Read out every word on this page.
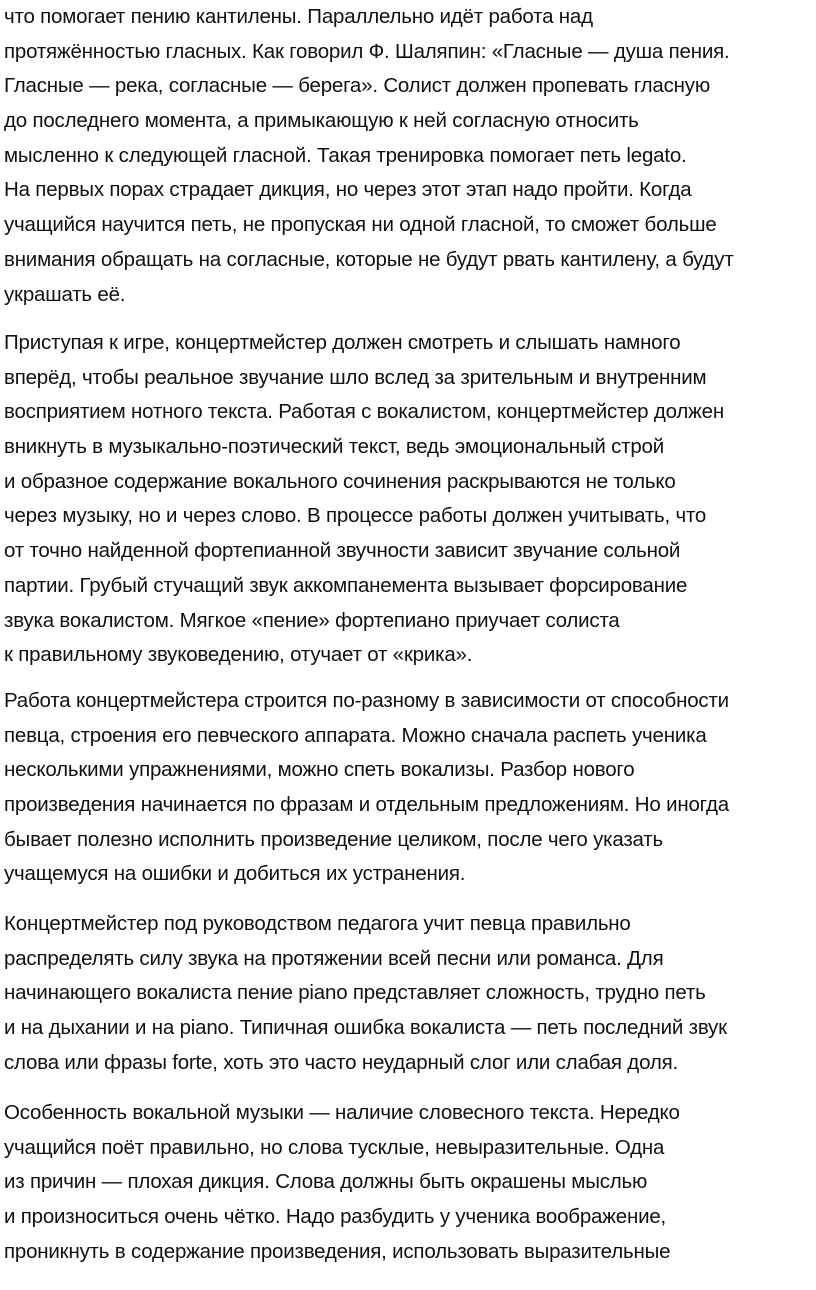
что помогает пению кантилены. Параллельно идёт работа над
протяжённостью гласных. Как говорил Ф. Шаляпин: «Гласные — душа пения.
Гласные — река, согласные — берега». Солист должен пропевать гласную
до последнего момента, а примыкающую к ней согласную относить
мысленно к следующей гласной. Такая тренировка помогает петь legato.
На первых порах страдает дикция, но через этот этап надо пройти. Когда
учащийся научится петь, не пропуская ни одной гласной, то сможет больше
внимания обращать на согласные, которые не будут рвать кантилену, а будут
украшать её.
Приступая к игре, концертмейстер должен смотреть и слышать намного
вперёд, чтобы реальное звучание шло вслед за зрительным и внутренним
восприятием нотного текста. Работая с вокалистом, концертмейстер должен
вникнуть в музыкально-поэтический текст, ведь эмоциональный строй
и образное содержание вокального сочинения раскрываются не только
через музыку, но и через слово. В процессе работы должен учитывать, что
от точно найденной фортепианной звучности зависит звучание сольной
партии. Грубый стучащий звук аккомпанемента вызывает форсирование
звука вокалистом. Мягкое «пение» фортепиано приучает солиста
к правильному звуковедению, отучает от «крика».
Работа концертмейстера строится по-разному в зависимости от способности
певца, строения его певческого аппарата. Можно сначала распеть ученика
несколькими упражнениями, можно спеть вокализы. Разбор нового
произведения начинается по фразам и отдельным предложениям. Но иногда
бывает полезно исполнить произведение целиком, после чего указать
учащемуся на ошибки и добиться их устранения.
Концертмейстер под руководством педагога учит певца правильно
распределять силу звука на протяжении всей песни или романса. Для
начинающего вокалиста пение piano представляет сложность, трудно петь
и на дыхании и на piano. Типичная ошибка вокалиста — петь последний звук
слова или фразы forte, хоть это часто неударный слог или слабая доля.
Особенность вокальной музыки — наличие словесного текста. Нередко
учащийся поёт правильно, но слова тусклые, невыразительные. Одна
из причин — плохая дикция. Слова должны быть окрашены мыслью
и произноситься очень чётко. Надо разбудить у ученика воображение,
проникнуть в содержание произведения, использовать выразительные
